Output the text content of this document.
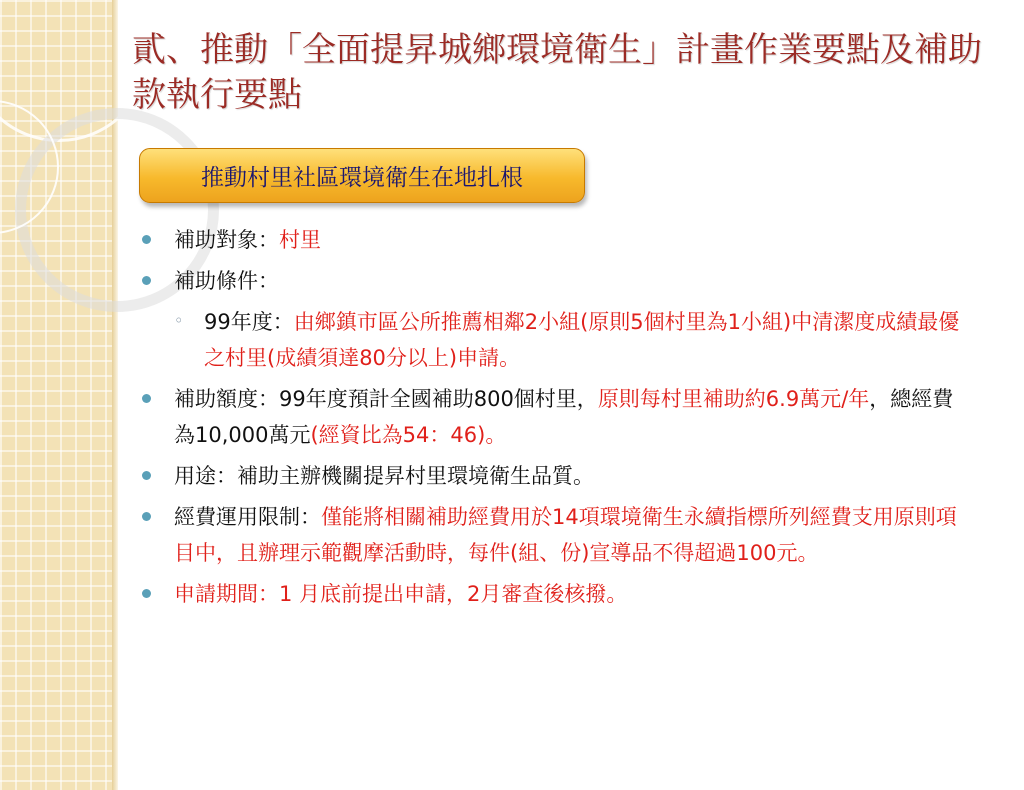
貳、推動「全面提昇城鄉環境衛生」計畫作業要點及補助款執行要點
推動村里社區環境衛生在地扎根
補助對象：村里
補助條件：
◦ 99年度：由鄉鎮市區公所推薦相鄰2小組(原則5個村里為1小組)中清潔度成績最優之村里(成績須達80分以上)申請。
補助額度：99年度預計全國補助800個村里，原則每村里補助約6.9萬元/年，總經費為10,000萬元(經資比為54：46)。
用途：補助主辦機關提昇村里環境衛生品質。
經費運用限制：僅能將相關補助經費用於14項環境衛生永續指標所列經費支用原則項目中，且辦理示範觀摩活動時，每件(組、份)宣導品不得超過100元。
申請期間：1 月底前提出申請，2月審查後核撥。
